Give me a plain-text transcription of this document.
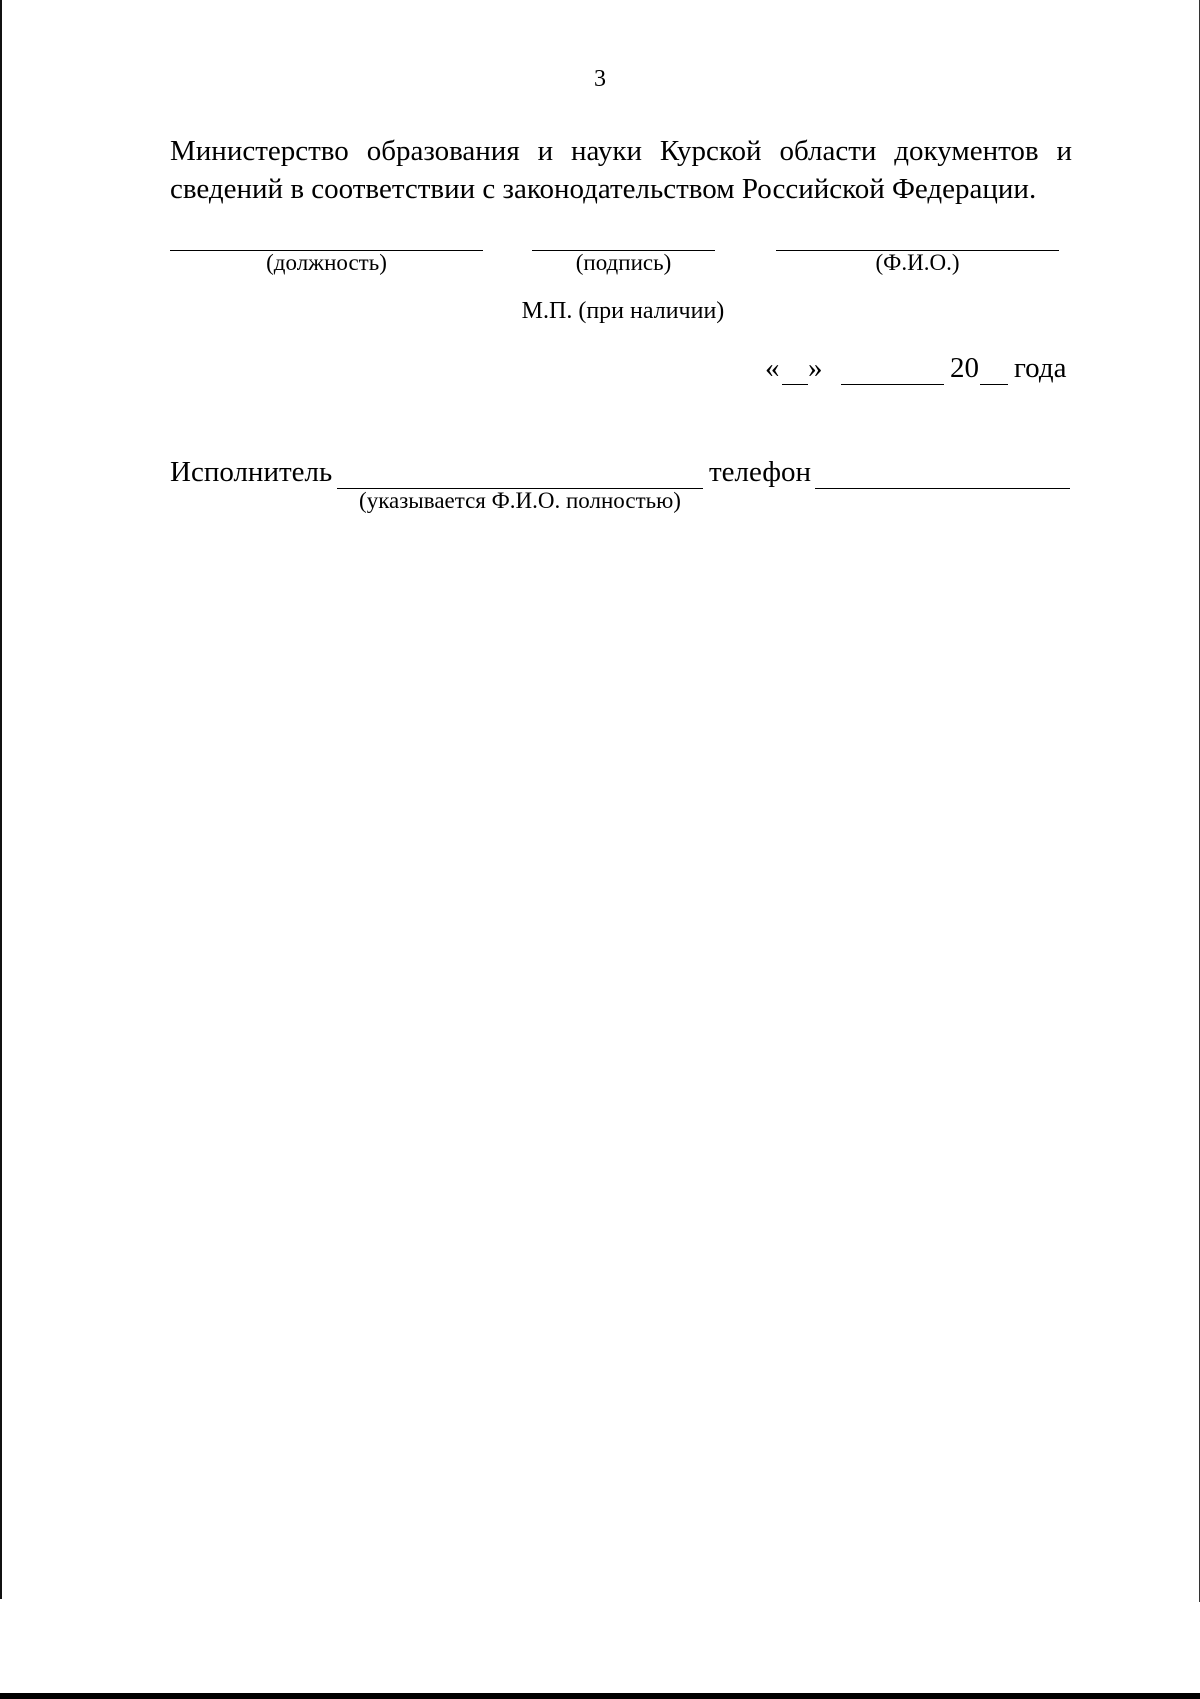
3
Министерство образования и науки Курской области документов и сведений в соответствии с законодательством Российской Федерации.
(должность)	(подпись)	(Ф.И.О.)
М.П. (при наличии)
« »	20 года
Исполнитель	телефон
(указывается Ф.И.О. полностью)
